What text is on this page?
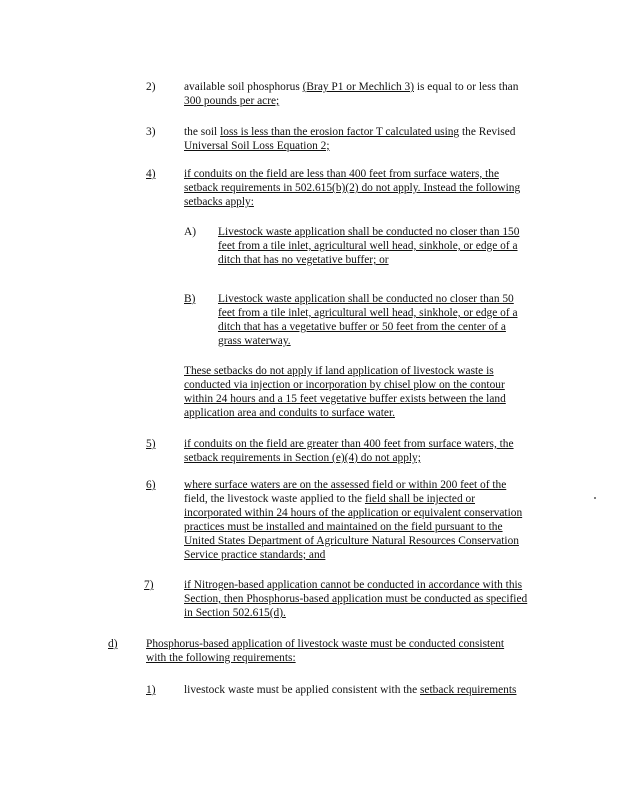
2)	available soil phosphorus (Bray P1 or Mechlich 3) is equal to or less than
300 pounds per acre;
3)	the soil loss is less than the erosion factor T calculated using the Revised
Universal Soil Loss Equation 2;
4)	if conduits on the field are less than 400 feet from surface waters, the
setback requirements in 502.615(b)(2) do not apply. Instead the following
setbacks apply:
A) Livestock waste application shall be conducted no closer than 150
feet from a tile inlet, agricultural well head, sinkhole, or edge of a
ditch that has no vegetative buffer; or
B) Livestock waste application shall be conducted no closer than 50
feet from a tile inlet, agricultural well head, sinkhole, or edge of a
ditch that has a vegetative buffer or 50 feet from the center of a
grass waterway.
These setbacks do not apply if land application of livestock waste is
conducted via injection or incorporation by chisel plow on the contour
within 24 hours and a 15 feet vegetative buffer exists between the land
application area and conduits to surface water.
5)	if conduits on the field are greater than 400 feet from surface waters, the
setback requirements in Section (e)(4) do not apply;
6)	where surface waters are on the assessed field or within 200 feet of the
field, the livestock waste applied to the field shall be injected or
incorporated within 24 hours of the application or equivalent conservation
practices must be installed and maintained on the field pursuant to the
United States Department of Agriculture Natural Resources Conservation
Service practice standards; and
7)	if Nitrogen-based application cannot be conducted in accordance with this
Section, then Phosphorus-based application must be conducted as specified
in Section 502.615(d).
d)	Phosphorus-based application of livestock waste must be conducted consistent
with the following requirements:
1)	livestock waste must be applied consistent with the setback requirements
